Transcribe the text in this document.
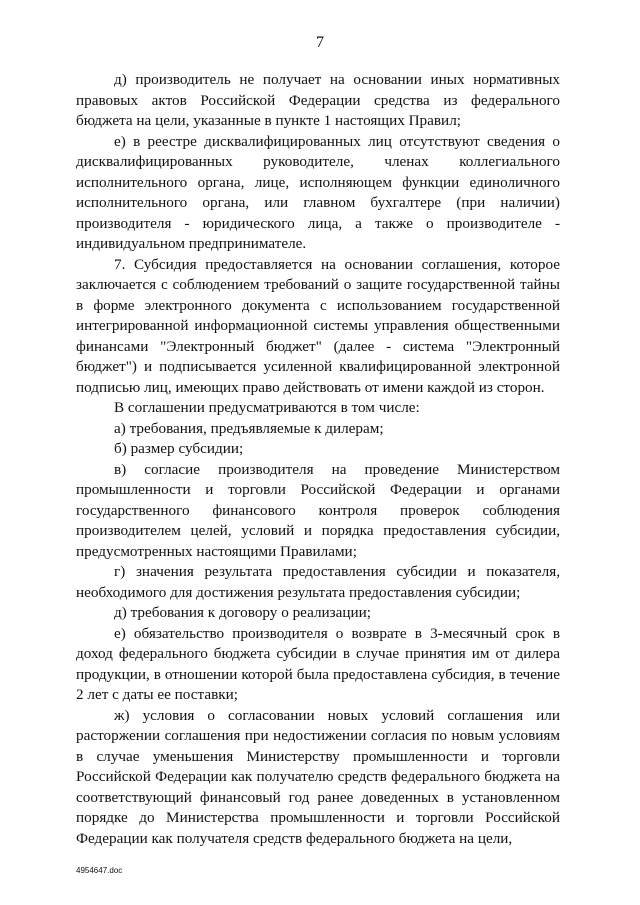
7

д) производитель не получает на основании иных нормативных правовых актов Российской Федерации средства из федерального бюджета на цели, указанные в пункте 1 настоящих Правил;

е) в реестре дисквалифицированных лиц отсутствуют сведения о дисквалифицированных руководителе, членах коллегиального исполнительного органа, лице, исполняющем функции единоличного исполнительного органа, или главном бухгалтере (при наличии) производителя - юридического лица, а также о производителе - индивидуальном предпринимателе.

7. Субсидия предоставляется на основании соглашения, которое заключается с соблюдением требований о защите государственной тайны в форме электронного документа с использованием государственной интегрированной информационной системы управления общественными финансами "Электронный бюджет" (далее - система "Электронный бюджет") и подписывается усиленной квалифицированной электронной подписью лиц, имеющих право действовать от имени каждой из сторон.

В соглашении предусматриваются в том числе:

а) требования, предъявляемые к дилерам;

б) размер субсидии;

в) согласие производителя на проведение Министерством промышленности и торговли Российской Федерации и органами государственного финансового контроля проверок соблюдения производителем целей, условий и порядка предоставления субсидии, предусмотренных настоящими Правилами;

г) значения результата предоставления субсидии и показателя, необходимого для достижения результата предоставления субсидии;

д) требования к договору о реализации;

е) обязательство производителя о возврате в 3-месячный срок в доход федерального бюджета субсидии в случае принятия им от дилера продукции, в отношении которой была предоставлена субсидия, в течение 2 лет с даты ее поставки;

ж) условия о согласовании новых условий соглашения или расторжении соглашения при недостижении согласия по новым условиям в случае уменьшения Министерству промышленности и торговли Российской Федерации как получателю средств федерального бюджета на соответствующий финансовый год ранее доведенных в установленном порядке до Министерства промышленности и торговли Российской Федерации как получателя средств федерального бюджета на цели,

4954647.doc
